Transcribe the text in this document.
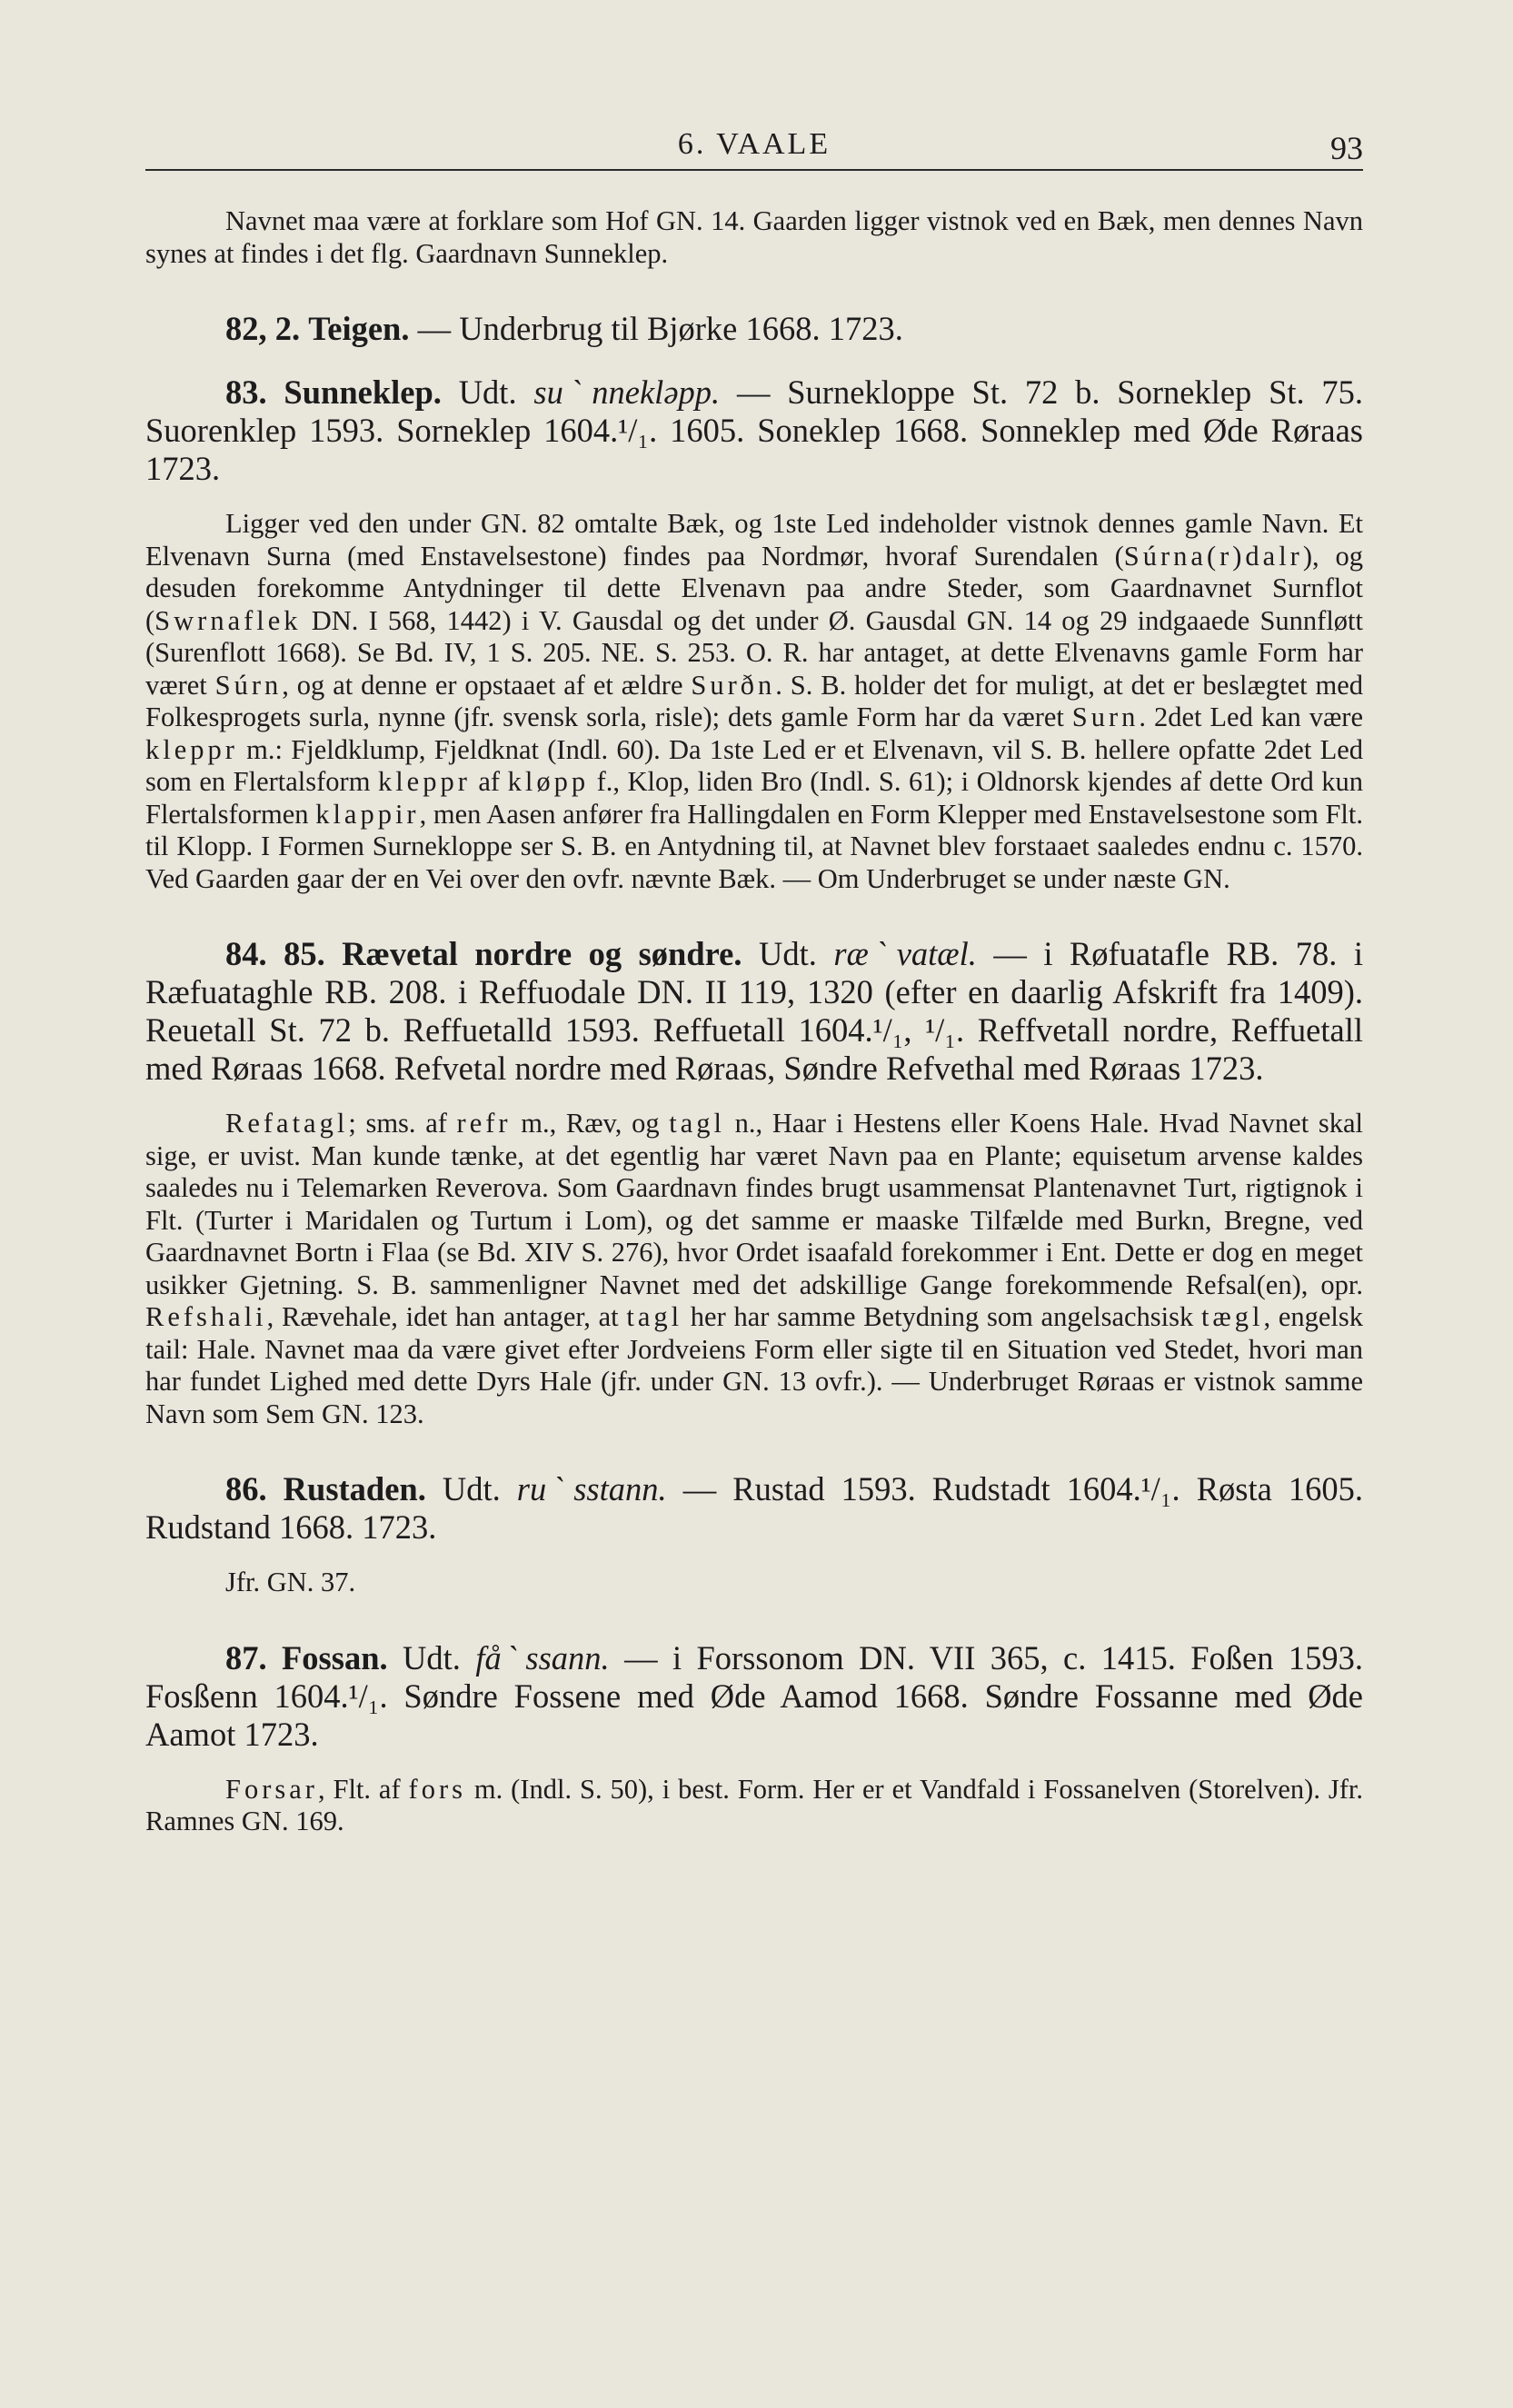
6. VAALE	93

Navnet maa være at forklare som Hof GN. 14. Gaarden ligger vistnok ved en Bæk, men dennes Navn synes at findes i det flg. Gaardnavn Sunneklep.

82, 2. Teigen. — Underbrug til Bjørke 1668. 1723.

83. Sunneklep. Udt. suˋnnekləpp. — Surnekloppe St. 72 b. Sorneklep St. 75. Suorenklep 1593. Sorneklep 1604.¹/₁. 1605. Soneklep 1668. Sonneklep med Øde Røraas 1723.

Ligger ved den under GN. 82 omtalte Bæk, og 1ste Led indeholder vistnok dennes gamle Navn. Et Elvenavn Surna (med Enstavelsestone) findes paa Nordmør, hvoraf Surendalen (Súrna(r)dalr), og desuden forekomme Antydninger til dette Elvenavn paa andre Steder, som Gaardnavnet Surnflot (Swrnaflek DN. I 568, 1442) i V. Gausdal og det under Ø. Gausdal GN. 14 og 29 indgaaede Sunnfløtt (Surenflott 1668). Se Bd. IV, 1 S. 205. NE. S. 253. O. R. har antaget, at dette Elvenavns gamle Form har været Súrn, og at denne er opstaaet af et ældre Surðn. S. B. holder det for muligt, at det er beslægtet med Folkesprogets surla, nynne (jfr. svensk sorla, risle); dets gamle Form har da været Surn. 2det Led kan være kleppr m.: Fjeldklump, Fjeldknat (Indl. 60). Da 1ste Led er et Elvenavn, vil S. B. hellere opfatte 2det Led som en Flertalsform kleppr af kløpp f., Klop, liden Bro (Indl. S. 61); i Oldnorsk kjendes af dette Ord kun Flertalsformen klappir, men Aasen anfører fra Hallingdalen en Form Klepper med Enstavelsestone som Flt. til Klopp. I Formen Surnekloppe ser S. B. en Antydning til, at Navnet blev forstaaet saaledes endnu c. 1570. Ved Gaarden gaar der en Vei over den ovfr. nævnte Bæk. — Om Underbruget se under næste GN.

84. 85. Rævetal nordre og søndre. Udt. ræˋvatæl. — i Røfuatafle RB. 78. i Ræfuataghle RB. 208. i Reffuodale DN. II 119, 1320 (efter en daarlig Afskrift fra 1409). Reuetall St. 72 b. Reffuetalld 1593. Reffuetall 1604.¹/₁, ¹/₁. Reffvetall nordre, Reffuetall med Røraas 1668. Refvetal nordre med Røraas, Søndre Refvethal med Røraas 1723.

Refatagl; sms. af refr m., Ræv, og tagl n., Haar i Hestens eller Koens Hale. Hvad Navnet skal sige, er uvist. Man kunde tænke, at det egentlig har været Navn paa en Plante; equisetum arvense kaldes saaledes nu i Telemarken Reverova. Som Gaardnavn findes brugt usammensat Plantenavnet Turt, rigtignok i Flt. (Turter i Maridalen og Turtum i Lom), og det samme er maaske Tilfælde med Burkn, Bregne, ved Gaardnavnet Bortn i Flaa (se Bd. XIV S. 276), hvor Ordet isaafald forekommer i Ent. Dette er dog en meget usikker Gjetning. S. B. sammenligner Navnet med det adskillige Gange forekommende Refsal(en), opr. Refshali, Rævehale, idet han antager, at tagl her har samme Betydning som angelsachsisk tægl, engelsk tail: Hale. Navnet maa da være givet efter Jordveiens Form eller sigte til en Situation ved Stedet, hvori man har fundet Lighed med dette Dyrs Hale (jfr. under GN. 13 ovfr.). — Underbruget Røraas er vistnok samme Navn som Sem GN. 123.

86. Rustaden. Udt. ruˋsstann. — Rustad 1593. Rudstadt 1604.¹/₁. Røsta 1605. Rudstand 1668. 1723.

Jfr. GN. 37.

87. Fossan. Udt. fåˋssann. — i Forssonom DN. VII 365, c. 1415. Foßen 1593. Fosßenn 1604.¹/₁. Søndre Fossene med Øde Aamod 1668. Søndre Fossanne med Øde Aamot 1723.

Forsar, Flt. af fors m. (Indl. S. 50), i best. Form. Her er et Vandfald i Fossanelven (Storelven). Jfr. Ramnes GN. 169.
